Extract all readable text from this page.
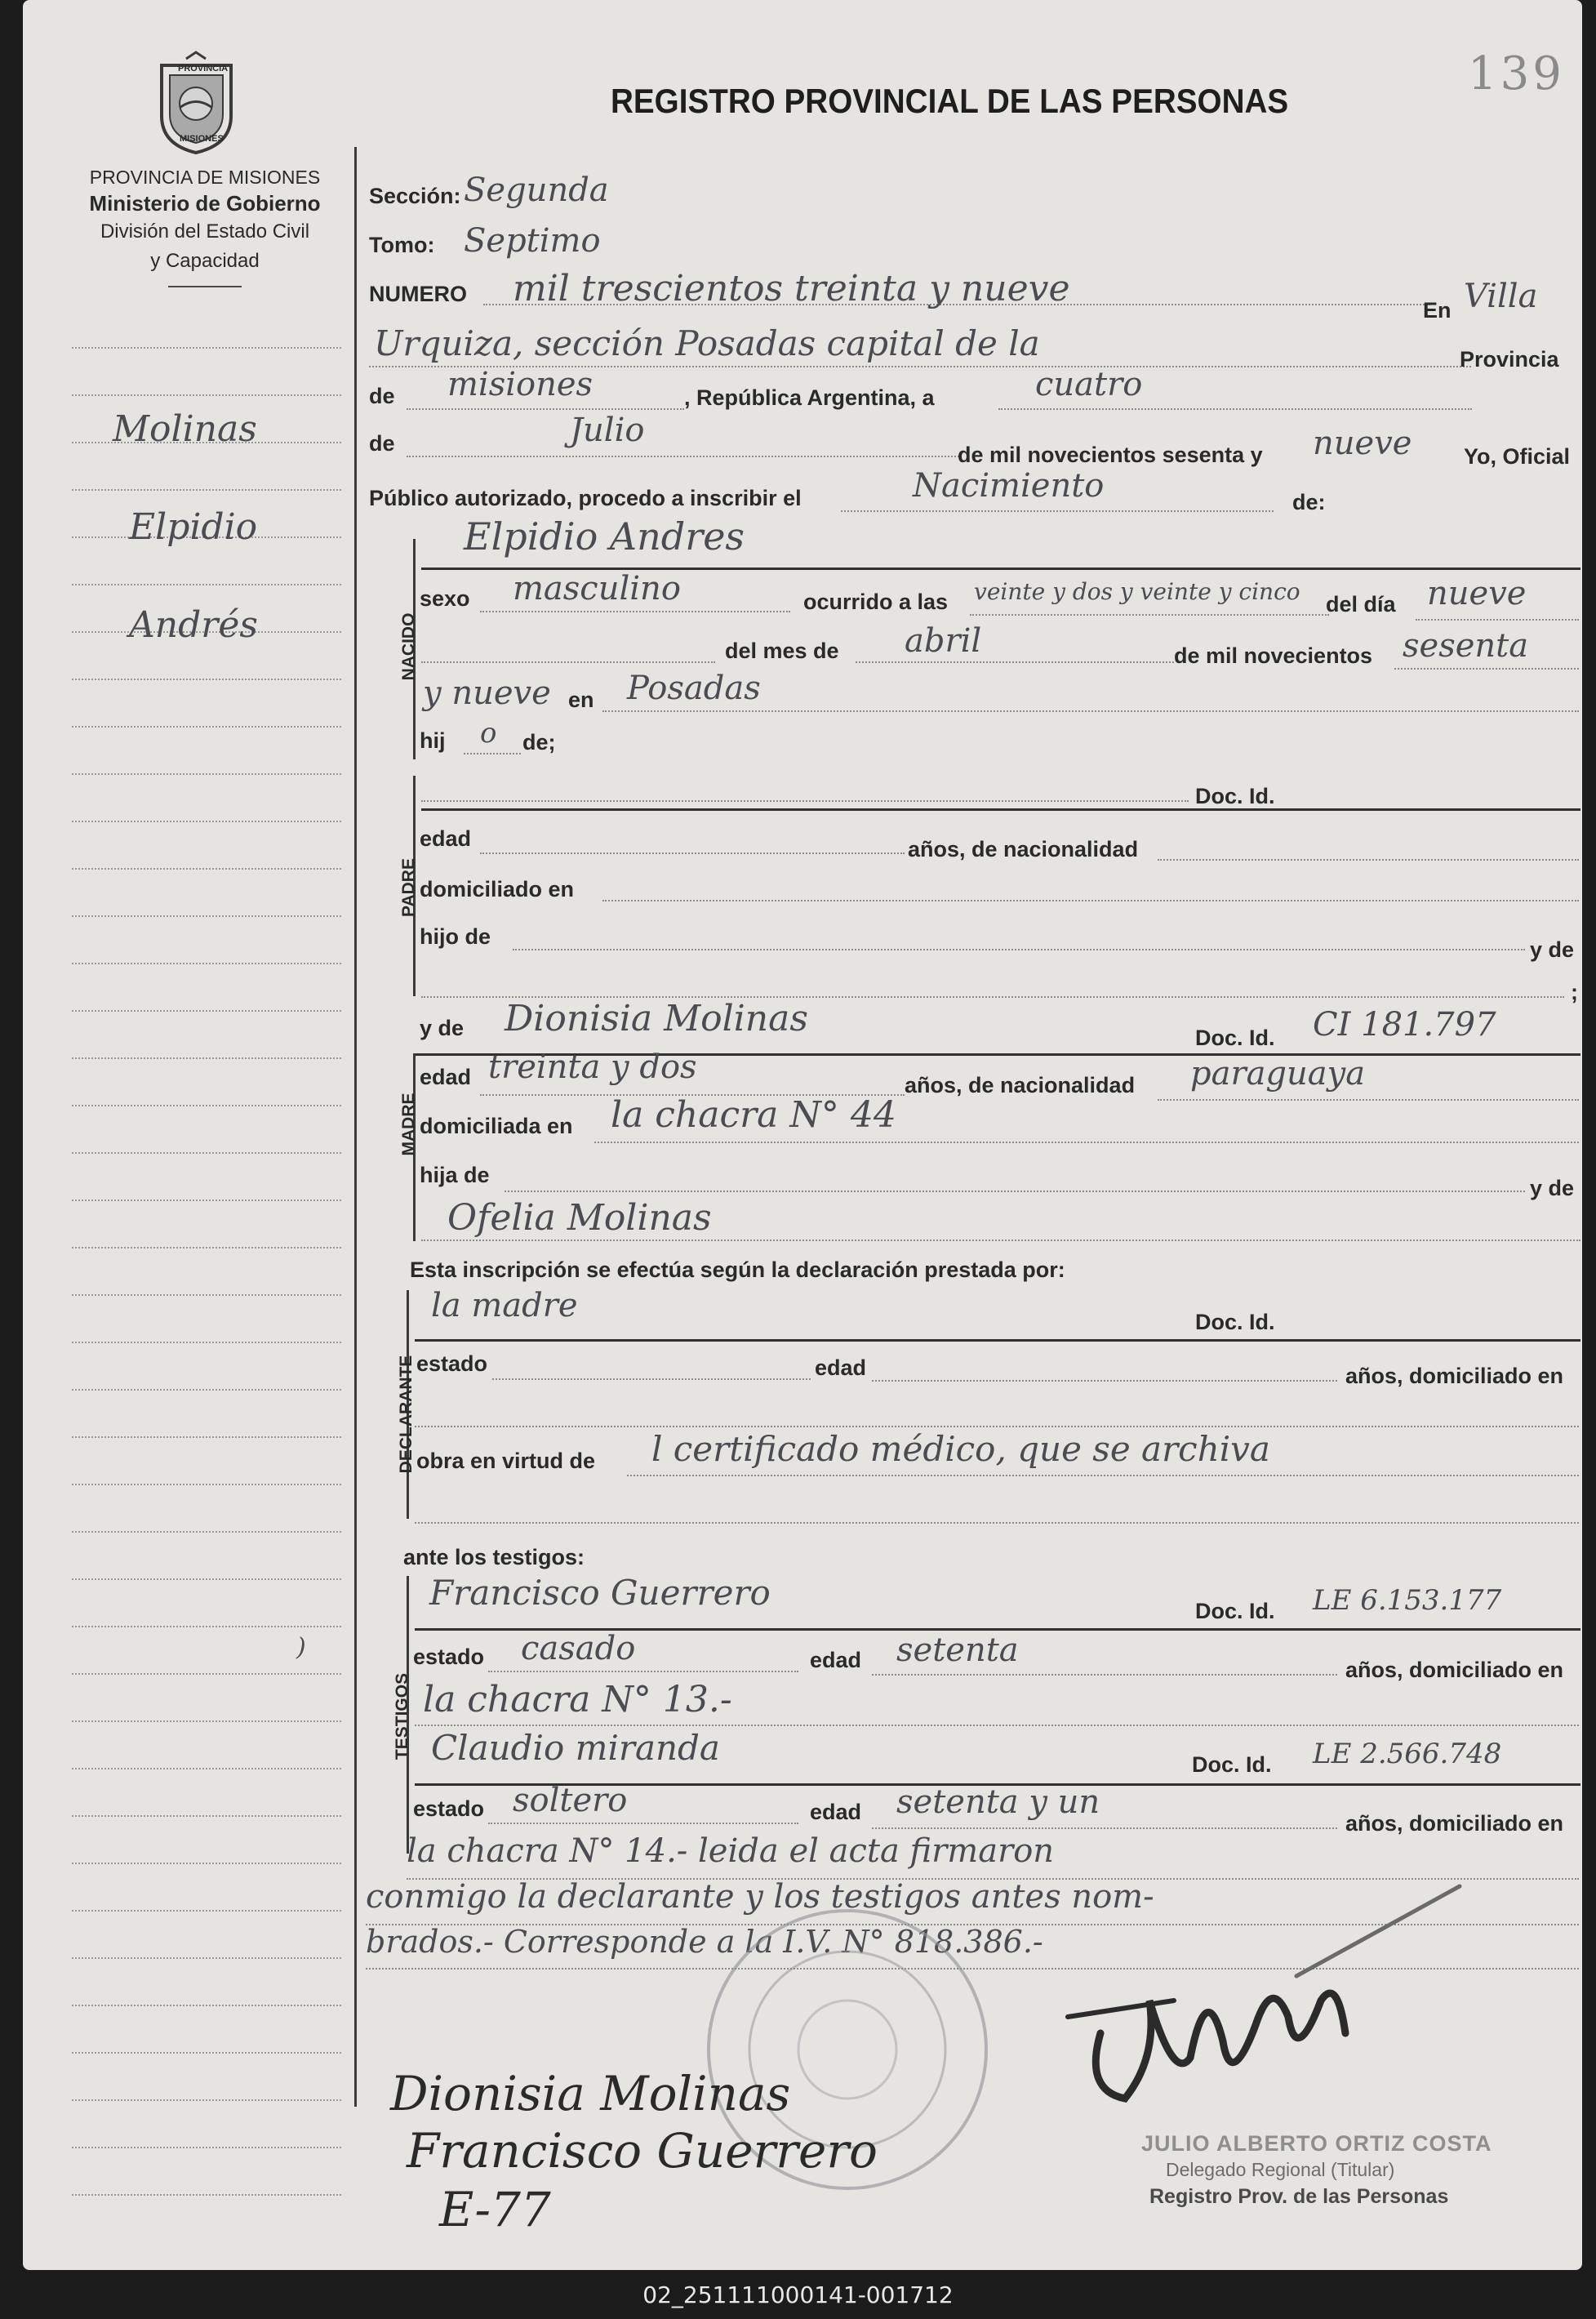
139
PROVINCIA
MISIONES
PROVINCIA DE MISIONES
Ministerio de Gobierno
División del Estado Civil
y Capacidad
REGISTRO PROVINCIAL DE LAS PERSONAS
Molinas
Elpidio
Andrés
)
Sección: Segunda
Tomo: Septimo
NUMERO mil trescientos treinta y nueve
En Villa
Urquiza, sección Posadas capital de la	Provincia
de misiones	, República Argentina, a	cuatro
de	Julio
de mil novecientos sesenta y nueve Yo, Oficial
Público autorizado, procedo a inscribir el	Nacimiento	de:
NACIDO
Elpidio Andres
sexo masculino	ocurrido a las veinte y dos y veinte y cinco del día nueve
del mes de abril	de mil novecientos sesenta
y nueve en Posadas
hij o de;
PADRE
Doc. Id.
edad	años, de nacionalidad
domiciliado en
hijo de
y de
;
y de Dionisia Molinas	Doc. Id. CI 181.797
MADRE
edad treinta y dos	años, de nacionalidad paraguaya
domiciliada en la chacra N° 44
hija de
y de
Ofelia Molinas
Esta inscripción se efectúa según la declaración prestada por:
DECLARANTE
la madre	Doc. Id.
estado	edad	años, domiciliado en
obra en virtud de l certificado médico, que se archiva
ante los testigos:
TESTIGOS
Francisco Guerrero	Doc. Id. LE 6.153.177
estado casado	edad setenta
años, domiciliado en
la chacra N° 13.-
Claudio miranda	Doc. Id. LE 2.566.748
estado soltero	edad setenta y un
años, domiciliado en
la chacra N° 14.- leida el acta firmaron
conmigo la declarante y los testigos antes nom-
brados.- Corresponde a la I.V. N° 818.386.-
JULIO ALBERTO ORTIZ COSTA
Delegado Regional (Titular)
Registro Prov. de las Personas
Dionisia Molinas
Francisco Guerrero
E-77
02_251111000141-001712
